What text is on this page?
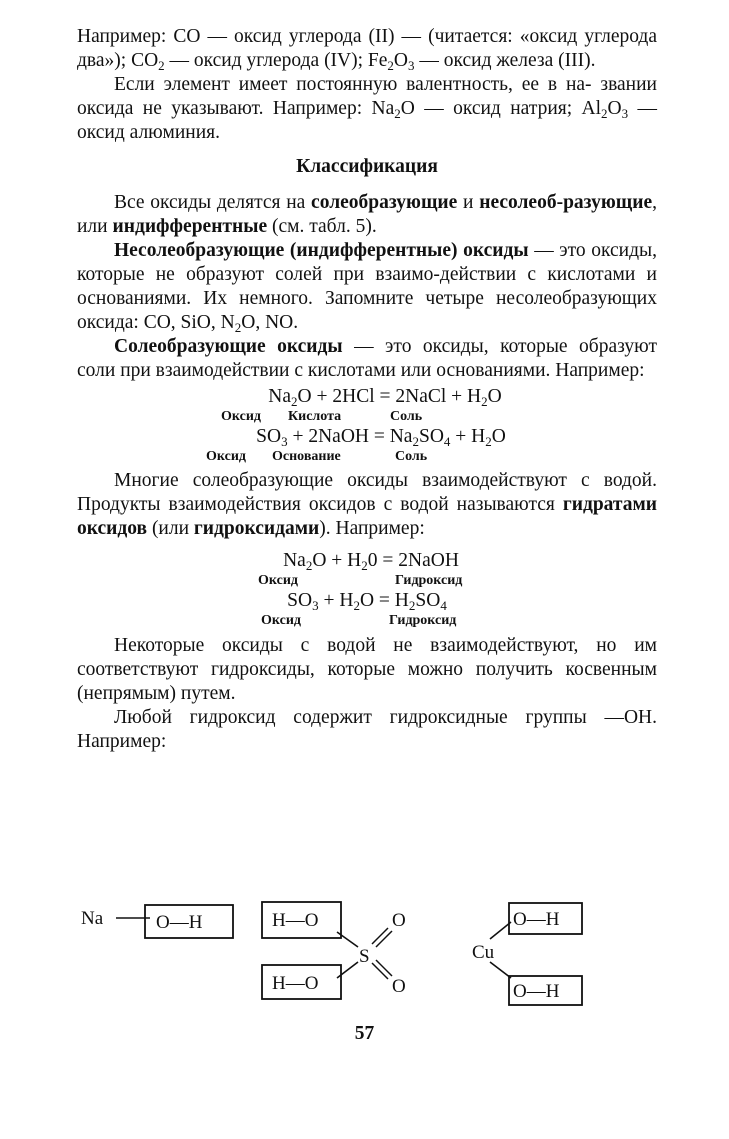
Например: CO — оксид углерода (II) — (читается: «оксид углерода два»); $CO_2$ — оксид углерода (IV); $Fe_2O_3$ — оксид железа (III).

Если элемент имеет постоянную валентность, ее в на- звании оксида не указывают. Например: $Na_2O$ — оксид натрия; $Al_2O_3$ — оксид алюминия.

Классификация

Все оксиды делятся на солеобразующие и несолеоб-разующие, или индифферентные (см. табл. 5).

Несолеобразующие (индифферентные) оксиды — это оксиды, которые не образуют солей при взаимо-действии с кислотами и основаниями. Их немного. Запомните четыре несолеобразующих оксида: CO, SiO, $N_2O$, NO.

Солеобразующие оксиды — это оксиды, которые образуют соли при взаимодействии с кислотами или основаниями. Например:

$Na_2O + 2HCl$ = 2NaCl + $H_2O$
Оксид Кислота	Соль
$SO_3$ + 2NaOH = $Na_2SO_4 + H_2O$
Оксид Основание	Соль

Многие солеобразующие оксиды взаимодействуют с водой. Продукты взаимодействия оксидов с водой называются гидратами оксидов (или гидроксидами). Например:

$Na_2O + H_20$ = 2NaOH
Оксид	Гидроксид
$SO_3 + H_2O = H_2SO_4$
Оксид	Гидроксид

Некоторые оксиды с водой не взаимодействуют, но им соответствуют гидроксиды, которые можно получить косвенным (непрямым) путем.

Любой гидроксид содержит гидроксидные группы —OH. Например:

Na	O—H	H—O
H—O
S
O
O
Cu
O—H
O—H
57
